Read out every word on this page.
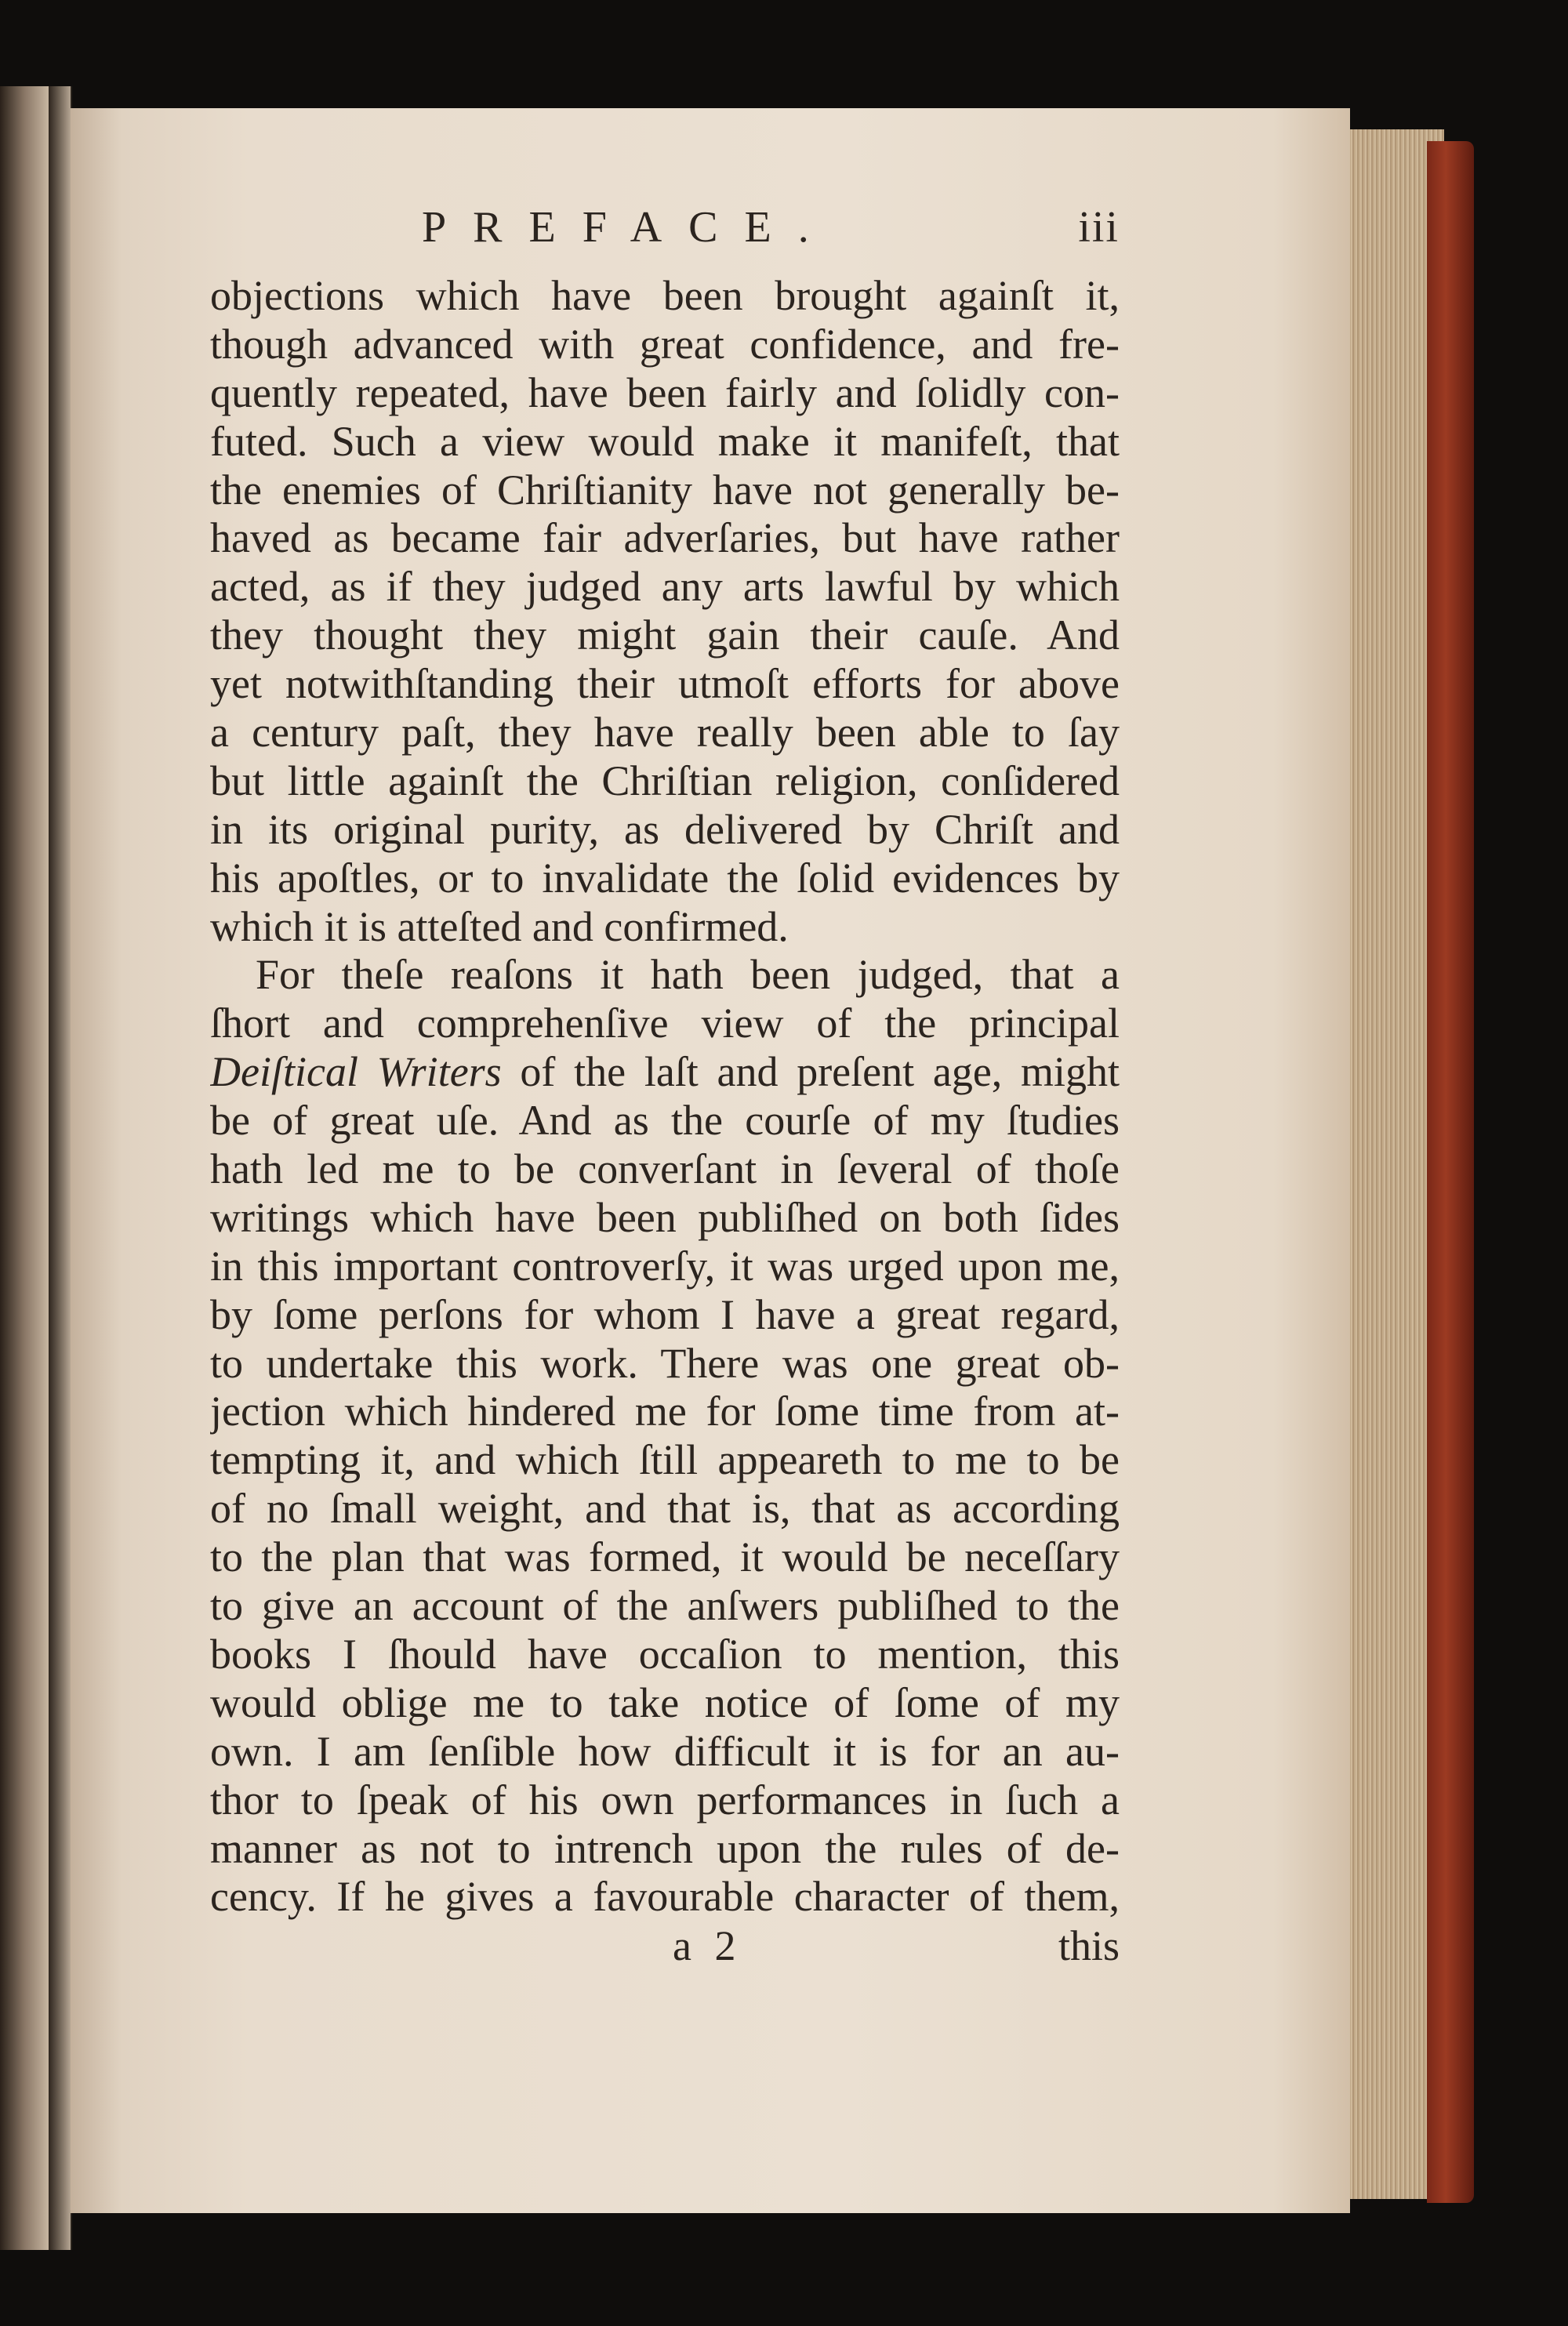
PREFACE.	iii
objections which have been brought againſt it,
though advanced with great confidence, and fre-
quently repeated, have been fairly and ſolidly con-
futed. Such a view would make it manifeſt, that
the enemies of Chriſtianity have not generally be-
haved as became fair adverſaries, but have rather
acted, as if they judged any arts lawful by which
they thought they might gain their cauſe. And
yet notwithſtanding their utmoſt efforts for above
a century paſt, they have really been able to ſay
but little againſt the Chriſtian religion, conſidered
in its original purity, as delivered by Chriſt and
his apoſtles, or to invalidate the ſolid evidences by
which it is atteſted and confirmed.
For theſe reaſons it hath been judged, that a
ſhort and comprehenſive view of the principal
Deiſtical Writers of the laſt and preſent age, might
be of great uſe. And as the courſe of my ſtudies
hath led me to be converſant in ſeveral of thoſe
writings which have been publiſhed on both ſides
in this important controverſy, it was urged upon me,
by ſome perſons for whom I have a great regard,
to undertake this work. There was one great ob-
jection which hindered me for ſome time from at-
tempting it, and which ſtill appeareth to me to be
of no ſmall weight, and that is, that as according
to the plan that was formed, it would be neceſſary
to give an account of the anſwers publiſhed to the
books I ſhould have occaſion to mention, this
would oblige me to take notice of ſome of my
own. I am ſenſible how difficult it is for an au-
thor to ſpeak of his own performances in ſuch a
manner as not to intrench upon the rules of de-
cency. If he gives a favourable character of them,
a 2	this
